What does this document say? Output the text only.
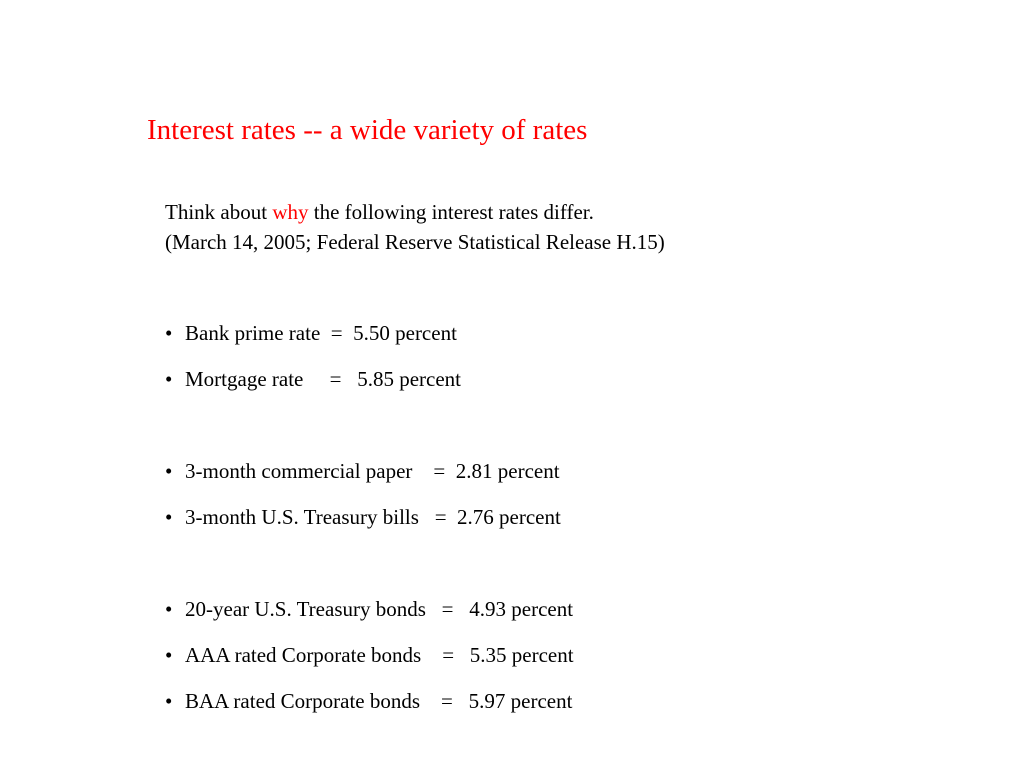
Interest rates -- a wide variety of rates
Think about why the following interest rates differ.
(March 14, 2005; Federal Reserve Statistical Release H.15)
• Bank prime rate  =  5.50 percent
• Mortgage rate     =   5.85 percent
• 3-month commercial paper    =  2.81 percent
• 3-month U.S. Treasury bills   =  2.76 percent
• 20-year U.S. Treasury bonds   =   4.93 percent
• AAA rated Corporate bonds    =   5.35 percent
• BAA rated Corporate bonds    =   5.97 percent
